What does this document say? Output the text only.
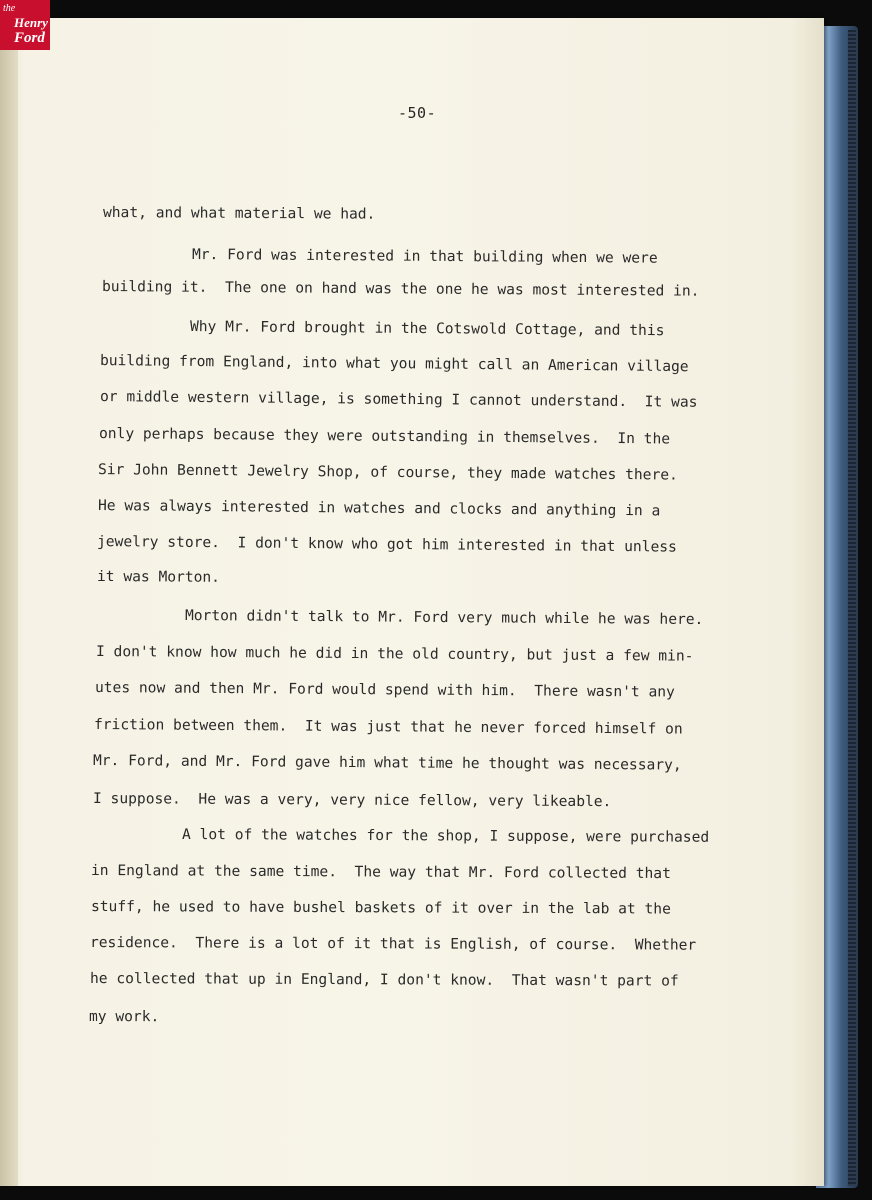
the
Henry
Ford
-50-
what, and what material we had.
Mr. Ford was interested in that building when we were
building it.  The one on hand was the one he was most interested in.
Why Mr. Ford brought in the Cotswold Cottage, and this
building from England, into what you might call an American village
or middle western village, is something I cannot understand.  It was
only perhaps because they were outstanding in themselves.  In the
Sir John Bennett Jewelry Shop, of course, they made watches there.
He was always interested in watches and clocks and anything in a
jewelry store.  I don't know who got him interested in that unless
it was Morton.
Morton didn't talk to Mr. Ford very much while he was here.
I don't know how much he did in the old country, but just a few min-
utes now and then Mr. Ford would spend with him.  There wasn't any
friction between them.  It was just that he never forced himself on
Mr. Ford, and Mr. Ford gave him what time he thought was necessary,
I suppose.  He was a very, very nice fellow, very likeable.
A lot of the watches for the shop, I suppose, were purchased
in England at the same time.  The way that Mr. Ford collected that
stuff, he used to have bushel baskets of it over in the lab at the
residence.  There is a lot of it that is English, of course.  Whether
he collected that up in England, I don't know.  That wasn't part of
my work.
